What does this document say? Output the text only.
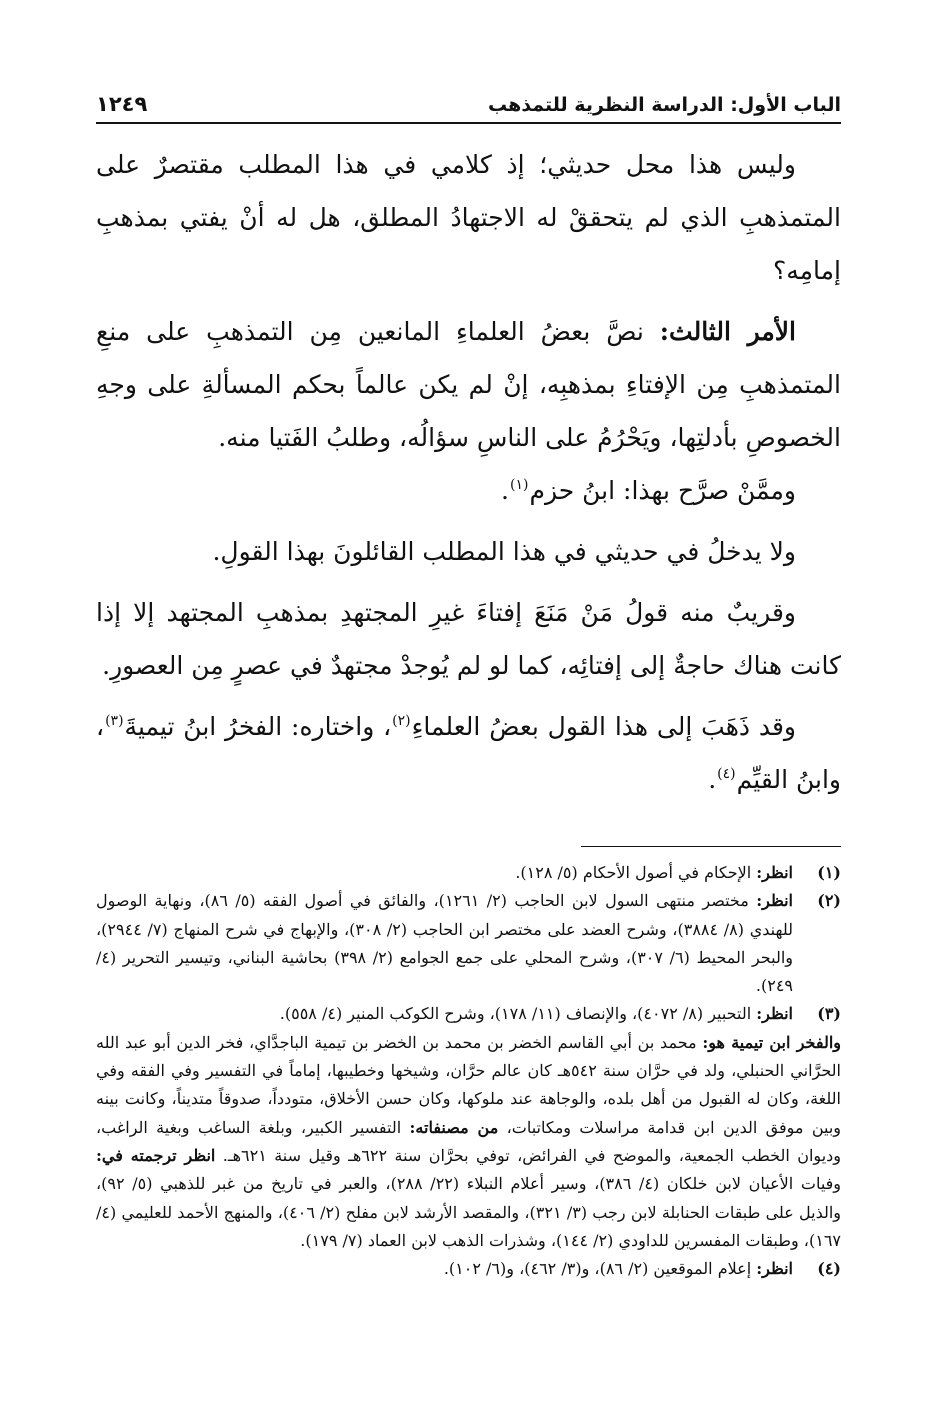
الباب الأول: الدراسة النظرية للتمذهب
١٢٤٩

وليس هذا محل حديثي؛ إذ كلامي في هذا المطلب مقتصرٌ على المتمذهبِ الذي لم يتحققْ له الاجتهادُ المطلق، هل له أنْ يفتي بمذهبِ إمامِه؟

الأمر الثالث: نصَّ بعضُ العلماءِ المانعين مِن التمذهبِ على منعِ المتمذهبِ مِن الإفتاءِ بمذهبِه، إنْ لم يكن عالماً بحكم المسألةِ على وجهِ الخصوصِ بأدلتِها، ويَحْرُمُ على الناسِ سؤالُه، وطلبُ الفَتيا منه.

وممَّنْ صرَّح بهذا: ابنُ حزم$^{(١)}$.

ولا يدخلُ في حديثي في هذا المطلب القائلونَ بهذا القولِ.

وقريبٌ منه قولُ مَنْ مَنَعَ إفتاءَ غيرِ المجتهدِ بمذهبِ المجتهد إلا إذا كانت هناك حاجةٌ إلى إفتائِه، كما لو لم يُوجدْ مجتهدٌ في عصرٍ مِن العصورِ.

وقد ذَهَبَ إلى هذا القول بعضُ العلماءِ$^{(٢)}$، واختاره: الفخرُ ابنُ تيميةَ$^{(٣)}$، وابنُ القيِّم$^{(٤)}$.

(١)
انظر: الإحكام في أصول الأحكام (٥/ ١٢٨).

(٢)
انظر: مختصر منتهى السول لابن الحاجب (٢/ ١٢٦١)، والفائق في أصول الفقه (٥/ ٨٦)، ونهاية الوصول للهندي (٨/ ٣٨٨٤)، وشرح العضد على مختصر ابن الحاجب (٢/ ٣٠٨)، والإبهاج في شرح المنهاج (٧/ ٢٩٤٤)، والبحر المحيط (٦/ ٣٠٧)، وشرح المحلي على جمع الجوامع (٢/ ٣٩٨) بحاشية البناني، وتيسير التحرير (٤/ ٢٤٩).

(٣)
انظر: التحبير (٨/ ٤٠٧٢)، والإنصاف (١١/ ١٧٨)، وشرح الكوكب المنير (٤/ ٥٥٨).

والفخر ابن تيمية هو: محمد بن أبي القاسم الخضر بن محمد بن الخضر بن تيمية الباجدَّاي، فخر الدين أبو عبد الله الحرَّاني الحنبلي، ولد في حرَّان سنة ٥٤٢هـ كان عالم حرَّان، وشيخها وخطيبها، إماماً في التفسير وفي الفقه وفي اللغة، وكان له القبول من أهل بلده، والوجاهة عند ملوكها، وكان حسن الأخلاق، متودداً، صدوقاً متديناً، وكانت بينه وبين موفق الدين ابن قدامة مراسلات ومكاتبات، من مصنفاته: التفسير الكبير، وبلغة الساغب وبغية الراغب، وديوان الخطب الجمعية، والموضح في الفرائض، توفي بحرَّان سنة ٦٢٢هـ وقيل سنة ٦٢١هـ. انظر ترجمته في: وفيات الأعيان لابن خلكان (٤/ ٣٨٦)، وسير أعلام النبلاء (٢٢/ ٢٨٨)، والعبر في تاريخ من غبر للذهبي (٥/ ٩٢)، والذيل على طبقات الحنابلة لابن رجب (٣/ ٣٢١)، والمقصد الأرشد لابن مفلح (٢/ ٤٠٦)، والمنهج الأحمد للعليمي (٤/ ١٦٧)، وطبقات المفسرين للداودي (٢/ ١٤٤)، وشذرات الذهب لابن العماد (٧/ ١٧٩).

(٤)
انظر: إعلام الموقعين (٢/ ٨٦)، و(٣/ ٤٦٢)، و(٦/ ١٠٢).
